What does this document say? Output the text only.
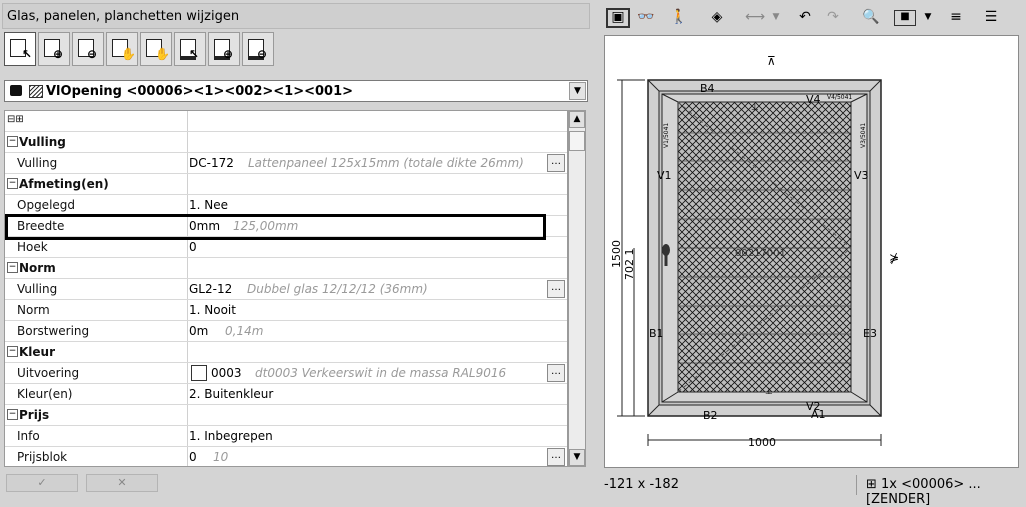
Glas, panelen, planchetten wijzigen
↖ ⊕ ⊖ ✋ ✋ ↖ ⊕ ⊖
VlOpening <00006><1><002><1><001>	▼
⊟⊞
− Vulling
Vulling	DC-172 Lattenpaneel 125x15mm (totale dikte 26mm)	…
− Afmeting(en)
Opgelegd	1. Nee
Breedte	0mm 125,00mm
Hoek	0
− Norm
Vulling	GL2-12 Dubbel glas 12/12/12 (36mm)	…
Norm	1. Nooit
Borstwering	0m 0,14m
− Kleur
Uitvoering	0003 dt0003 Verkeerswit in de massa RAL9016	…
Kleur(en)	2. Buitenkleur
− Prijs
Info	1. Inbegrepen
Prijsblok	0 10	…
▲
▼
✓	✕
▣ 👓	🚶	◈	⟷ ▼ ↶ ↷ 🔍	■	▼ ≡	☰
B4
V4
V1	V3
B1	E3
B2
V2
A1
00217001
V1/5041	V3/5041
V4/5041
⊼
⋡
⊥
⊥
1500 702 1
1000
-121 x -182	⊞ 1x <00006> ... [ZENDER]
